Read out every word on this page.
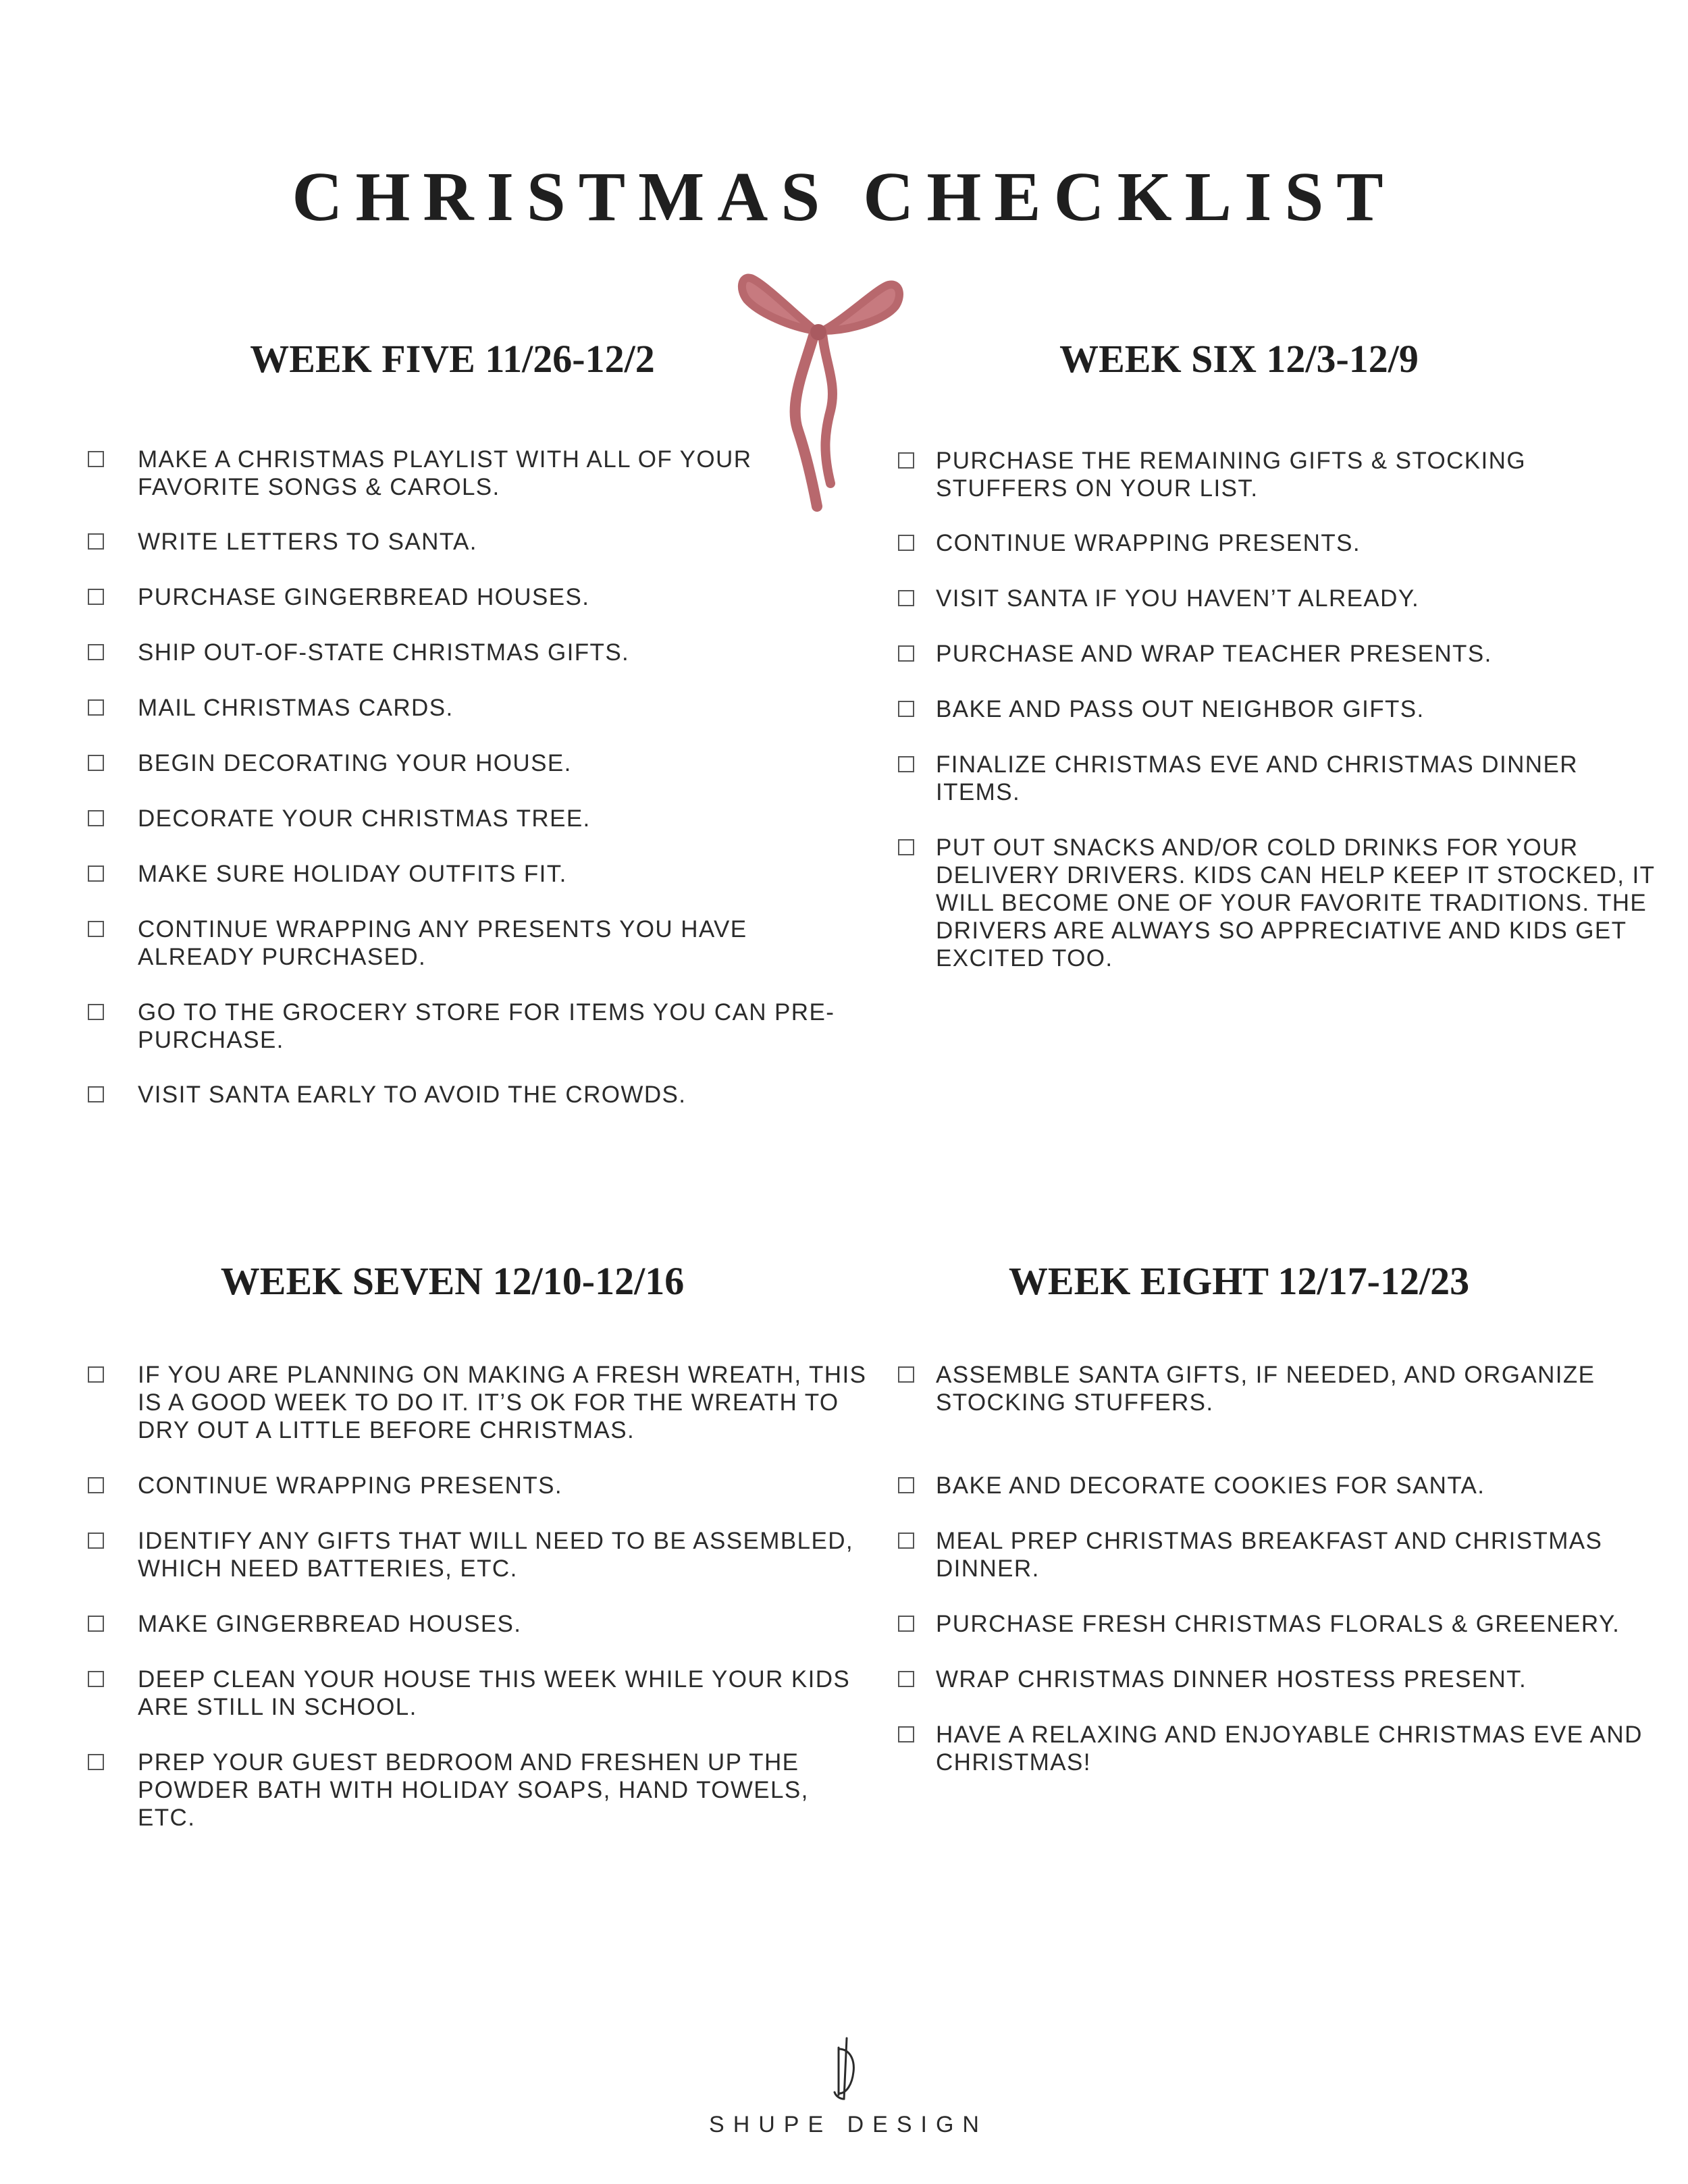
CHRISTMAS CHECKLIST
WEEK FIVE 11/26-12/2
MAKE A CHRISTMAS PLAYLIST WITH ALL OF YOUR FAVORITE SONGS & CAROLS.
WRITE LETTERS TO SANTA.
PURCHASE GINGERBREAD HOUSES.
SHIP OUT-OF-STATE CHRISTMAS GIFTS.
MAIL CHRISTMAS CARDS.
BEGIN DECORATING YOUR HOUSE.
DECORATE YOUR CHRISTMAS TREE.
MAKE SURE HOLIDAY OUTFITS FIT.
CONTINUE WRAPPING ANY PRESENTS YOU HAVE ALREADY PURCHASED.
GO TO THE GROCERY STORE FOR ITEMS YOU CAN PRE-PURCHASE.
VISIT SANTA EARLY TO AVOID THE CROWDS.
WEEK SIX 12/3-12/9
PURCHASE THE REMAINING GIFTS & STOCKING STUFFERS ON YOUR LIST.
CONTINUE WRAPPING PRESENTS.
VISIT SANTA IF YOU HAVEN’T ALREADY.
PURCHASE AND WRAP TEACHER PRESENTS.
BAKE AND PASS OUT NEIGHBOR GIFTS.
FINALIZE CHRISTMAS EVE AND CHRISTMAS DINNER ITEMS.
PUT OUT SNACKS AND/OR COLD DRINKS FOR YOUR DELIVERY DRIVERS. KIDS CAN HELP KEEP IT STOCKED, IT WILL BECOME ONE OF YOUR FAVORITE TRADITIONS. THE DRIVERS ARE ALWAYS SO APPRECIATIVE AND KIDS GET EXCITED TOO.
WEEK SEVEN 12/10-12/16
IF YOU ARE PLANNING ON MAKING A FRESH WREATH, THIS IS A GOOD WEEK TO DO IT. IT’S OK FOR THE WREATH TO DRY OUT A LITTLE BEFORE CHRISTMAS.
CONTINUE WRAPPING PRESENTS.
IDENTIFY ANY GIFTS THAT WILL NEED TO BE ASSEMBLED, WHICH NEED BATTERIES, ETC.
MAKE GINGERBREAD HOUSES.
DEEP CLEAN YOUR HOUSE THIS WEEK WHILE YOUR KIDS ARE STILL IN SCHOOL.
PREP YOUR GUEST BEDROOM AND FRESHEN UP THE POWDER BATH WITH HOLIDAY SOAPS, HAND TOWELS, ETC.
WEEK EIGHT 12/17-12/23
ASSEMBLE SANTA GIFTS, IF NEEDED, AND ORGANIZE STOCKING STUFFERS.
BAKE AND DECORATE COOKIES FOR SANTA.
MEAL PREP CHRISTMAS BREAKFAST AND CHRISTMAS DINNER.
PURCHASE FRESH CHRISTMAS FLORALS & GREENERY.
WRAP CHRISTMAS DINNER HOSTESS PRESENT.
HAVE A RELAXING AND ENJOYABLE CHRISTMAS EVE AND CHRISTMAS!
SHUPE DESIGN
